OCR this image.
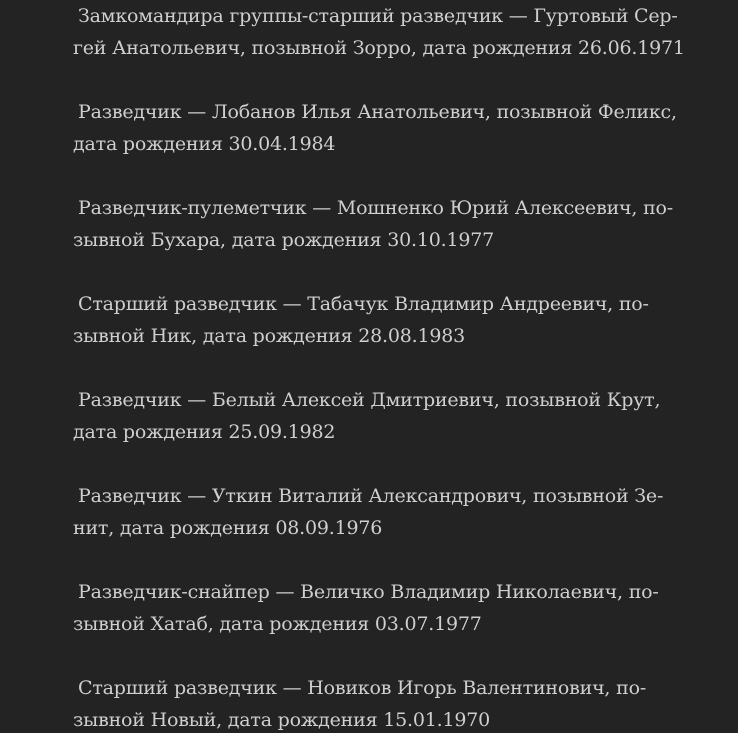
Замкомандира группы-старший разведчик — Гуртовый Сер-
гей Анатольевич, позывной Зорро, дата рождения 26.06.1971

Разведчик — Лобанов Илья Анатольевич, позывной Феликс,
дата рождения 30.04.1984

Разведчик-пулеметчик — Мошненко Юрий Алексеевич, по-
зывной Бухара, дата рождения 30.10.1977

Старший разведчик — Табачук Владимир Андреевич, по-
зывной Ник, дата рождения 28.08.1983

Разведчик — Белый Алексей Дмитриевич, позывной Крут,
дата рождения 25.09.1982

Разведчик — Уткин Виталий Александрович, позывной Зе-
нит, дата рождения 08.09.1976

Разведчик-снайпер — Величко Владимир Николаевич, по-
зывной Хатаб, дата рождения 03.07.1977

Старший разведчик — Новиков Игорь Валентинович, по-
зывной Новый, дата рождения 15.01.1970
